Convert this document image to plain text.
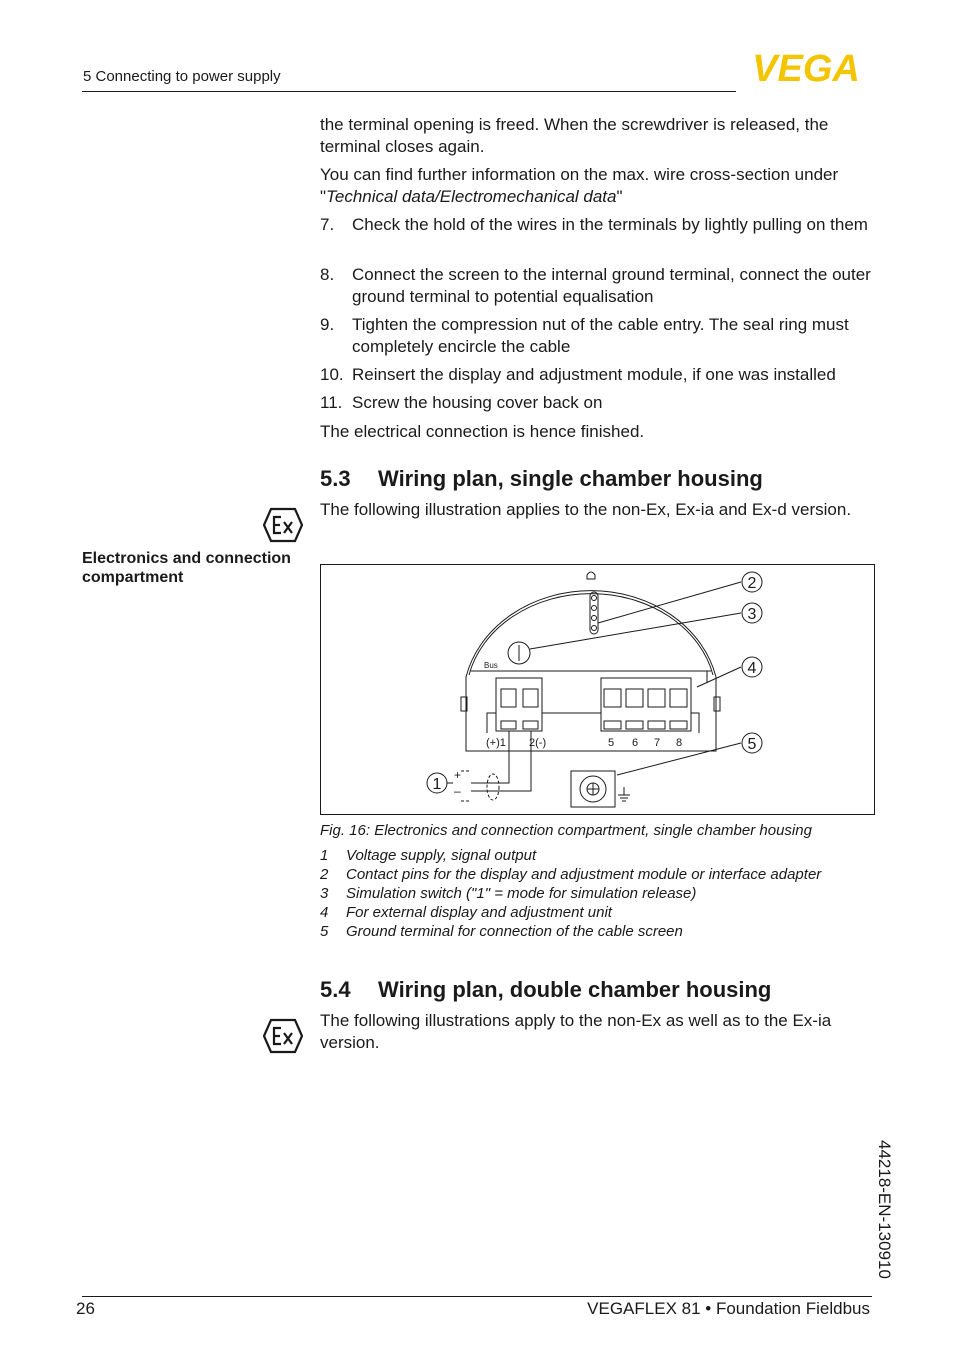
5 Connecting to power supply	VEGA
the terminal opening is freed. When the screwdriver is released, the terminal closes again.
You can find further information on the max. wire cross-section under "Technical data/Electromechanical data"
7. Check the hold of the wires in the terminals by lightly pulling on them
8. Connect the screen to the internal ground terminal, connect the outer ground terminal to potential equalisation
9. Tighten the compression nut of the cable entry. The seal ring must completely encircle the cable
10. Reinsert the display and adjustment module, if one was installed
11. Screw the housing cover back on
The electrical connection is hence finished.
5.3 Wiring plan, single chamber housing
The following illustration applies to the non-Ex, Ex-ia and Ex-d version.
Electronics and connection compartment
Bus
(+)1 2(-)	5 6 7 8
+
–
1
2
3
4
5
Fig. 16: Electronics and connection compartment, single chamber housing
1 Voltage supply, signal output
2 Contact pins for the display and adjustment module or interface adapter
3 Simulation switch ("1" = mode for simulation release)
4 For external display and adjustment unit
5 Ground terminal for connection of the cable screen
5.4 Wiring plan, double chamber housing
The following illustrations apply to the non-Ex as well as to the Ex-ia version.
44218-EN-130910
26	VEGAFLEX 81 • Foundation Fieldbus
